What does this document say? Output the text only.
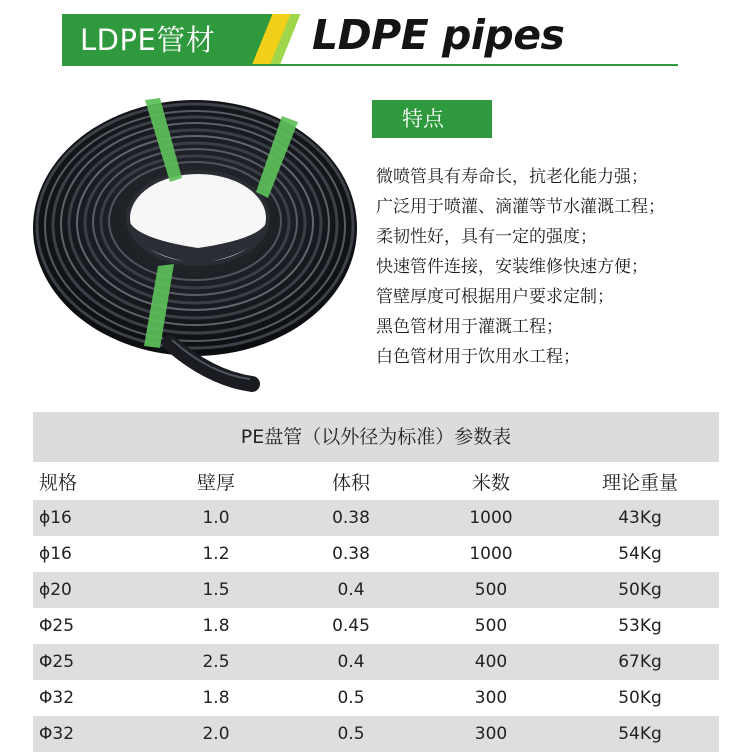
LDPE管材 LDPE pipes
特点
微喷管具有寿命长，抗老化能力强；
广泛用于喷灌、滴灌等节水灌溉工程；
柔韧性好，具有一定的强度；
快速管件连接，安装维修快速方便；
管壁厚度可根据用户要求定制；
黑色管材用于灌溉工程；
白色管材用于饮用水工程；
PE盘管（以外径为标准）参数表
规格	壁厚	体积	米数	理论重量
ϕ16	1.0	0.38	1000	43Kg
ϕ16	1.2	0.38	1000	54Kg
ϕ20	1.5	0.4	500	50Kg
Φ25	1.8	0.45	500	53Kg
Φ25	2.5	0.4	400	67Kg
Φ32	1.8	0.5	300	50Kg
Φ32	2.0	0.5	300	54Kg
